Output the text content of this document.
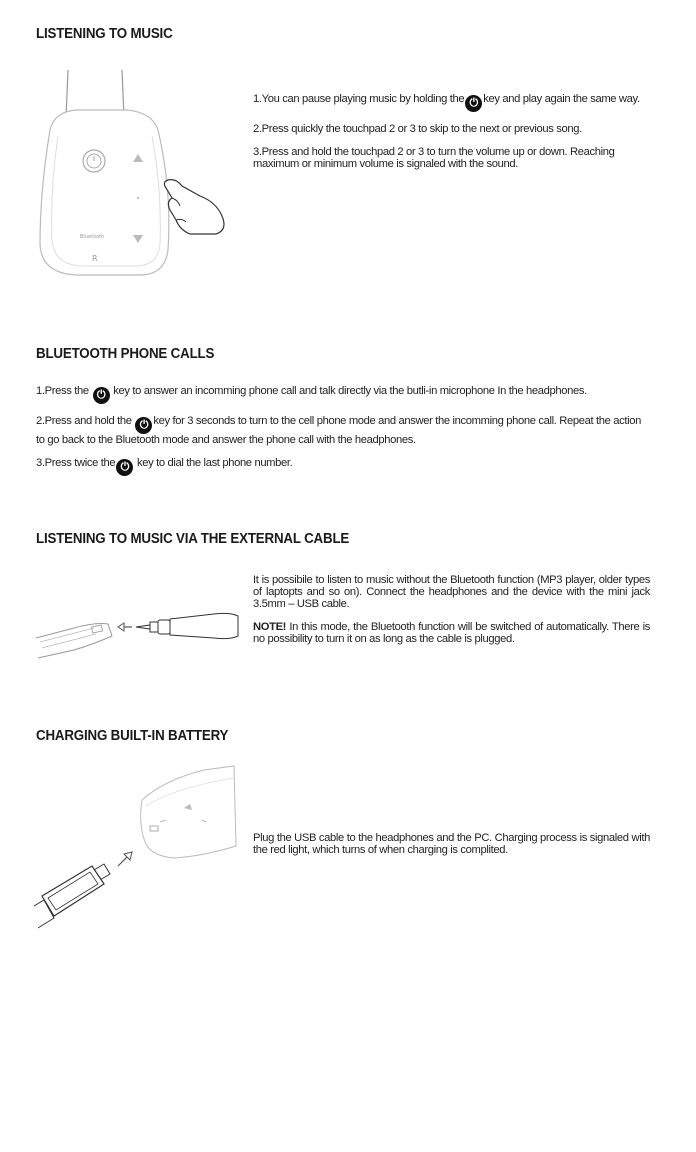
LISTENING TO MUSIC
Bluetooth
R

1.You can pause playing music by holding the ⏻ key and play again the same way.

2.Press quickly the touchpad 2 or 3 to skip to the next or previous song.

3.Press and hold the touchpad 2 or 3 to turn the volume up or down. Reaching maximum or minimum volume is signaled with the sound.

BLUETOOTH PHONE CALLS

1.Press the ⏻ key to answer an incomming phone call and talk directly via the butli-in microphone In the headphones.

2.Press and hold the ⏻ key for 3 seconds to turn to the cell phone mode and answer the incomming phone call. Repeat the action to go back to the Bluetooth mode and answer the phone call with the headphones.

3.Press twice the ⏻ key to dial the last phone number.

LISTENING TO MUSIC VIA THE EXTERNAL CABLE

It is possibile to listen to music without the Bluetooth function (MP3 player, older types of laptopts and so on). Connect the headphones and the device with the mini jack 3.5mm – USB cable.

NOTE! In this mode, the Bluetooth function will be switched of automatically. There is no possibility to turn it on as long as the cable is plugged.

CHARGING BUILT-IN BATTERY

Plug the USB cable to the headphones and the PC. Charging process is signaled with the red light, which turns of when charging is complited.
